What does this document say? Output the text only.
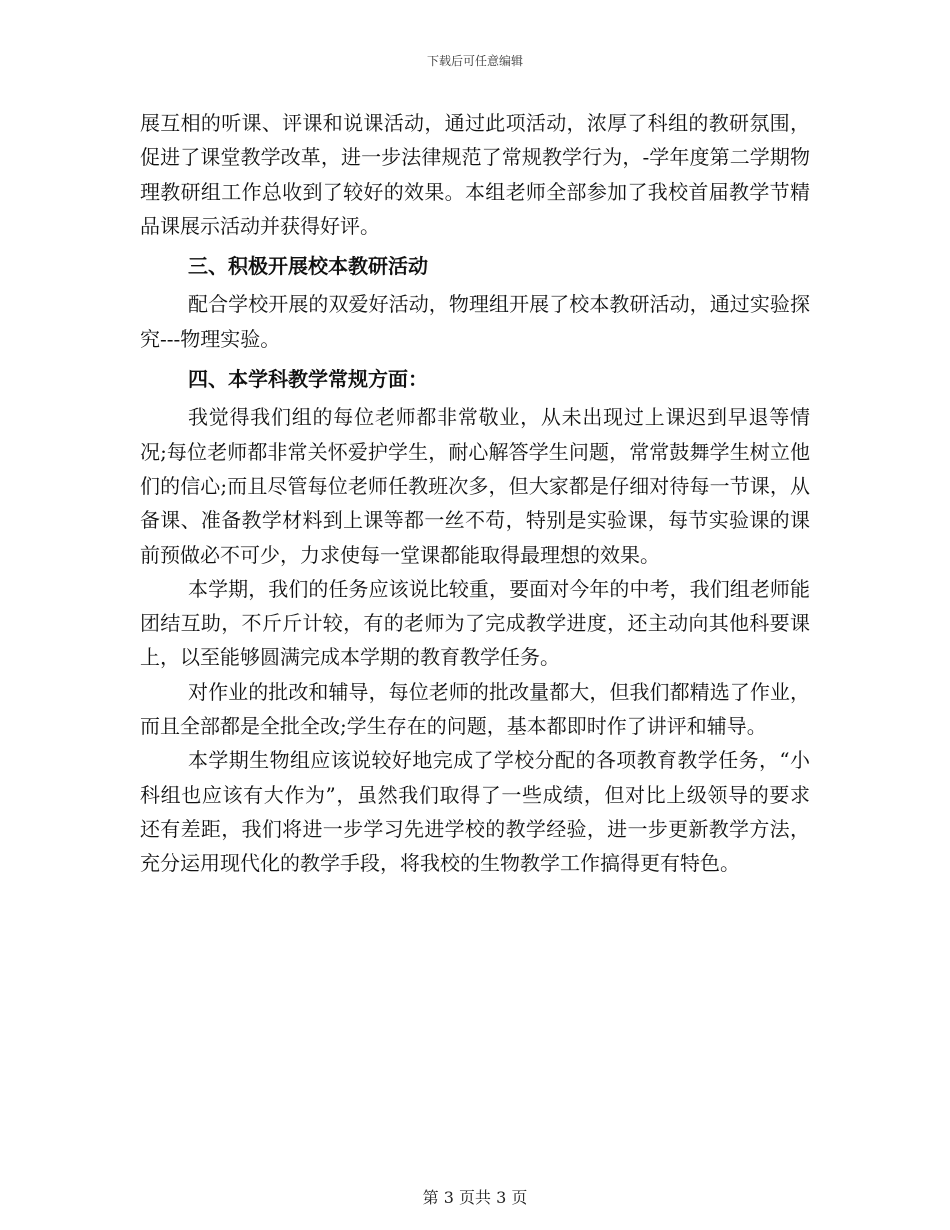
下载后可任意编辑

展互相的听课、评课和说课活动，通过此项活动，浓厚了科组的教研氛围，促进了课堂教学改革，进一步法律规范了常规教学行为，-学年度第二学期物理教研组工作总收到了较好的效果。本组老师全部参加了我校首届教学节精品课展示活动并获得好评。

三、积极开展校本教研活动

配合学校开展的双爱好活动，物理组开展了校本教研活动，通过实验探究---物理实验。

四、本学科教学常规方面：

我觉得我们组的每位老师都非常敬业，从未出现过上课迟到早退等情况;每位老师都非常关怀爱护学生，耐心解答学生问题，常常鼓舞学生树立他们的信心;而且尽管每位老师任教班次多，但大家都是仔细对待每一节课，从备课、准备教学材料到上课等都一丝不苟，特别是实验课，每节实验课的课前预做必不可少，力求使每一堂课都能取得最理想的效果。

本学期，我们的任务应该说比较重，要面对今年的中考，我们组老师能团结互助，不斤斤计较，有的老师为了完成教学进度，还主动向其他科要课上，以至能够圆满完成本学期的教育教学任务。

对作业的批改和辅导，每位老师的批改量都大，但我们都精选了作业，而且全部都是全批全改;学生存在的问题，基本都即时作了讲评和辅导。

本学期生物组应该说较好地完成了学校分配的各项教育教学任务，“小科组也应该有大作为”，虽然我们取得了一些成绩，但对比上级领导的要求还有差距，我们将进一步学习先进学校的教学经验，进一步更新教学方法，充分运用现代化的教学手段，将我校的生物教学工作搞得更有特色。

第 3 页共 3 页
